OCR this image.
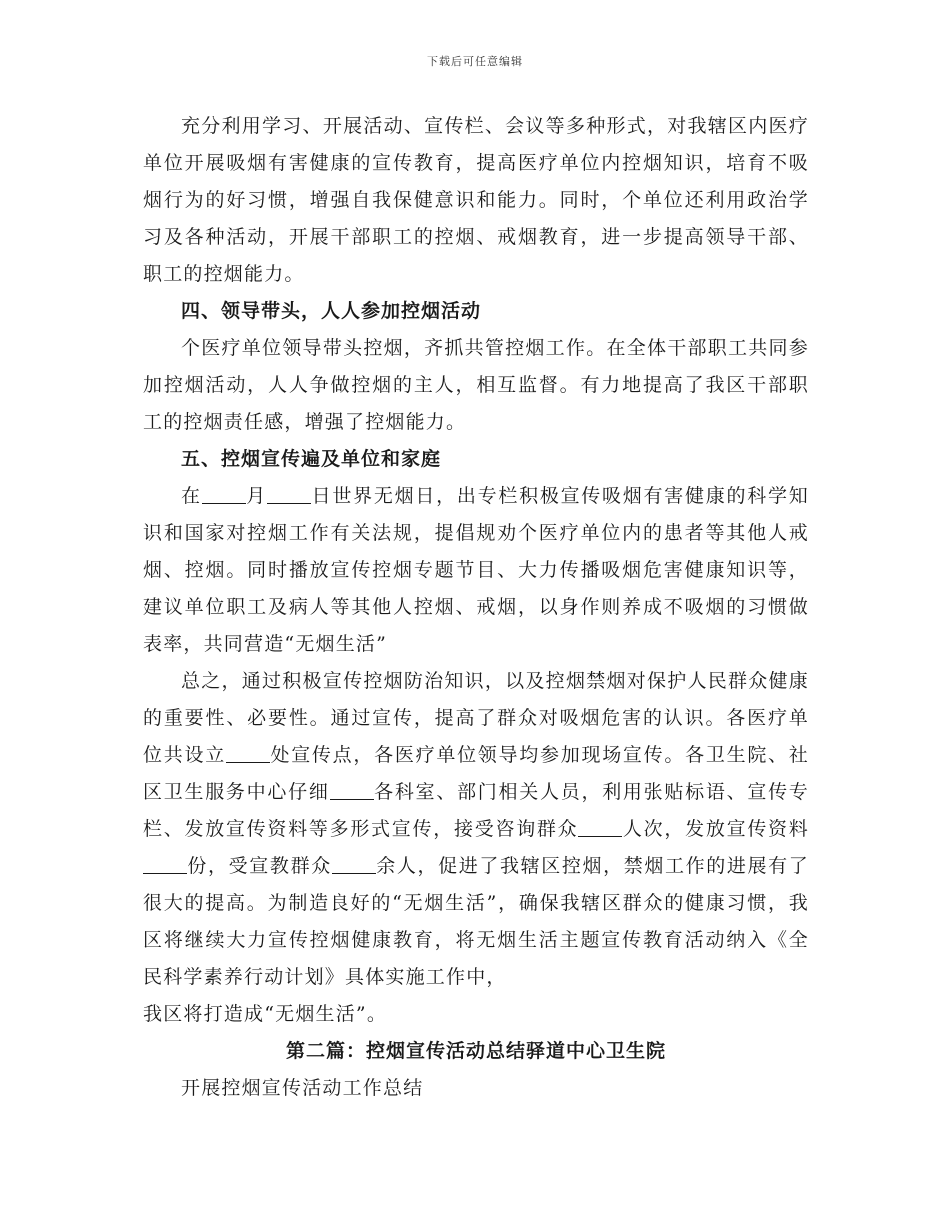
下载后可任意编辑

充分利用学习、开展活动、宣传栏、会议等多种形式，对我辖区内医疗单位开展吸烟有害健康的宣传教育，提高医疗单位内控烟知识，培育不吸烟行为的好习惯，增强自我保健意识和能力。同时，个单位还利用政治学习及各种活动，开展干部职工的控烟、戒烟教育，进一步提高领导干部、职工的控烟能力。

四、领导带头，人人参加控烟活动

个医疗单位领导带头控烟，齐抓共管控烟工作。在全体干部职工共同参加控烟活动，人人争做控烟的主人，相互监督。有力地提高了我区干部职工的控烟责任感，增强了控烟能力。

五、控烟宣传遍及单位和家庭

在 月 日世界无烟日，出专栏积极宣传吸烟有害健康的科学知识和国家对控烟工作有关法规，提倡规劝个医疗单位内的患者等其他人戒烟、控烟。同时播放宣传控烟专题节目、大力传播吸烟危害健康知识等，建议单位职工及病人等其他人控烟、戒烟，以身作则养成不吸烟的习惯做表率，共同营造“无烟生活”

总之，通过积极宣传控烟防治知识，以及控烟禁烟对保护人民群众健康的重要性、必要性。通过宣传，提高了群众对吸烟危害的认识。各医疗单位共设立 处宣传点，各医疗单位领导均参加现场宣传。各卫生院、社区卫生服务中心仔细 各科室、部门相关人员，利用张贴标语、宣传专栏、发放宣传资料等多形式宣传，接受咨询群众 人次，发放宣传资料份，受宣教群众 余人，促进了我辖区控烟，禁烟工作的进展有了很大的提高。为制造良好的“无烟生活”，确保我辖区群众的健康习惯，我区将继续大力宣传控烟健康教育，将无烟生活主题宣传教育活动纳入《全民科学素养行动计划》具体实施工作中，

我区将打造成“无烟生活”。

第二篇：控烟宣传活动总结驿道中心卫生院

开展控烟宣传活动工作总结
